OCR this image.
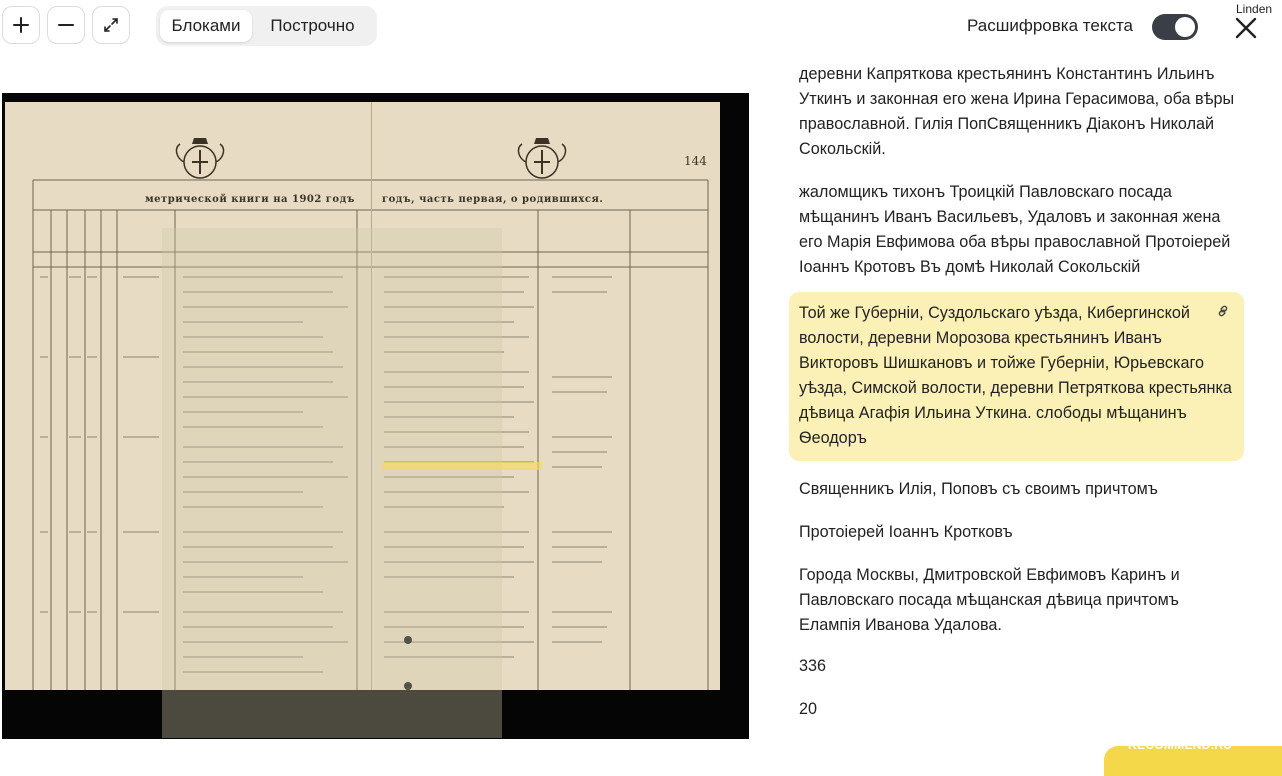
Linden
Блоками	Построчно	Расшифровка текста
метрической книги на 1902 годъ
144
годъ, часть первая, о родившихся.

деревни Капряткова крестьянинъ Константинъ Ильинъ Уткинъ и законная его жена Ирина Герасимова, оба вѣры православной. Гилія ПопСвященникъ Діаконъ Николай Сокольскій.

жаломщикъ тихонъ Троицкій Павловскаго посада мѣщанинъ Иванъ Васильевъ, Удаловъ и законная жена его Марія Евфимова оба вѣры православной Протоіерей Іоаннъ Кротовъ Въ домѣ Николай Сокольскій

Той же Губерніи, Суздольскаго уѣзда, Кибергинской волости, деревни Морозова крестьянинъ Иванъ Викторовъ Шишкановъ и тойже Губерніи, Юрьевскаго уѣзда, Симской волости, деревни Петряткова крестьянка дѣвица Агафія Ильина Уткина. слободы мѣщанинъ Ѳеодоръ

Священникъ Илія, Поповъ съ своимъ причтомъ

Протоіерей Іоаннъ Кротковъ

Города Москвы, Дмитровской Евфимовъ Каринъ и Павловскаго посада мѣщанская дѣвица причтомъ Елампія Иванова Удалова.

336

20

RECOMMEND.RU
